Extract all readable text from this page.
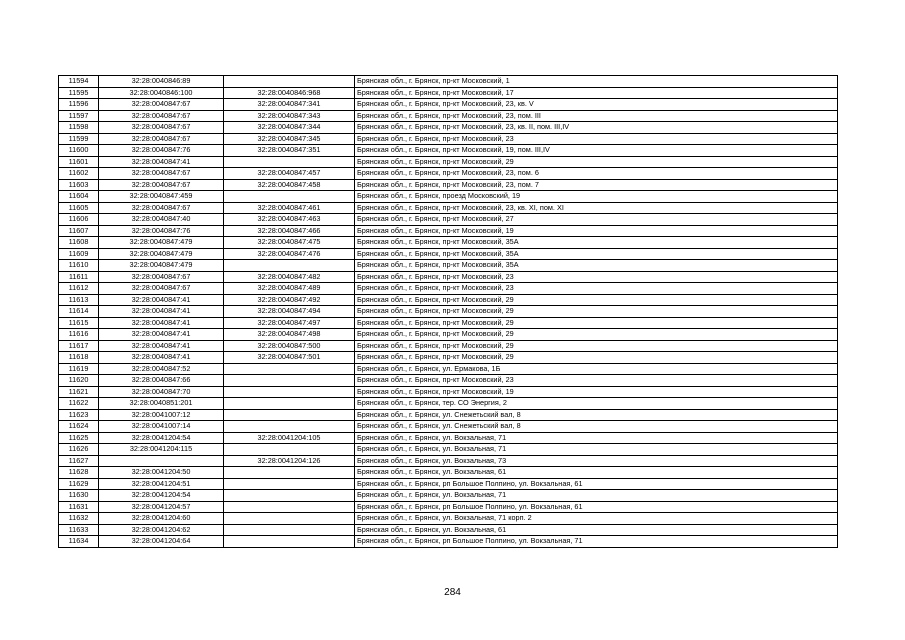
11594	32:28:0040846:89		Брянская обл., г. Брянск, пр-кт Московский, 1
11595	32:28:0040846:100	32:28:0040846:968	Брянская обл., г. Брянск, пр-кт Московский, 17
11596	32:28:0040847:67	32:28:0040847:341	Брянская обл., г. Брянск, пр-кт Московский, 23, кв. V
11597	32:28:0040847:67	32:28:0040847:343	Брянская обл., г. Брянск, пр-кт Московский, 23, пом. III
11598	32:28:0040847:67	32:28:0040847:344	Брянская обл., г. Брянск, пр-кт Московский, 23, кв. II, пом. III,IV
11599	32:28:0040847:67	32:28:0040847:345	Брянская обл., г. Брянск, пр-кт Московский, 23
11600	32:28:0040847:76	32:28:0040847:351	Брянская обл., г. Брянск, пр-кт Московский, 19, пом. III,IV
11601	32:28:0040847:41		Брянская обл., г. Брянск, пр-кт Московский, 29
11602	32:28:0040847:67	32:28:0040847:457	Брянская обл., г. Брянск, пр-кт Московский, 23, пом. 6
11603	32:28:0040847:67	32:28:0040847:458	Брянская обл., г. Брянск, пр-кт Московский, 23, пом. 7
11604	32:28:0040847:459		Брянская обл., г. Брянск, проезд Московский, 19
11605	32:28:0040847:67	32:28:0040847:461	Брянская обл., г. Брянск, пр-кт Московский, 23, кв. XI, пом. XI
11606	32:28:0040847:40	32:28:0040847:463	Брянская обл., г. Брянск, пр-кт Московский, 27
11607	32:28:0040847:76	32:28:0040847:466	Брянская обл., г. Брянск, пр-кт Московский, 19
11608	32:28:0040847:479	32:28:0040847:475	Брянская обл., г. Брянск, пр-кт Московский, 35А
11609	32:28:0040847:479	32:28:0040847:476	Брянская обл., г. Брянск, пр-кт Московский, 35А
11610	32:28:0040847:479		Брянская обл., г. Брянск, пр-кт Московский, 35А
11611	32:28:0040847:67	32:28:0040847:482	Брянская обл., г. Брянск, пр-кт Московский, 23
11612	32:28:0040847:67	32:28:0040847:489	Брянская обл., г. Брянск, пр-кт Московский, 23
11613	32:28:0040847:41	32:28:0040847:492	Брянская обл., г. Брянск, пр-кт Московский, 29
11614	32:28:0040847:41	32:28:0040847:494	Брянская обл., г. Брянск, пр-кт Московский, 29
11615	32:28:0040847:41	32:28:0040847:497	Брянская обл., г. Брянск, пр-кт Московский, 29
11616	32:28:0040847:41	32:28:0040847:498	Брянская обл., г. Брянск, пр-кт Московский, 29
11617	32:28:0040847:41	32:28:0040847:500	Брянская обл., г. Брянск, пр-кт Московский, 29
11618	32:28:0040847:41	32:28:0040847:501	Брянская обл., г. Брянск, пр-кт Московский, 29
11619	32:28:0040847:52		Брянская обл., г. Брянск, ул. Ермакова, 1Б
11620	32:28:0040847:66		Брянская обл., г. Брянск, пр-кт Московский, 23
11621	32:28:0040847:70		Брянская обл., г. Брянск, пр-кт Московский, 19
11622	32:28:0040851:201		Брянская обл., г. Брянск, тер. СО Энергия, 2
11623	32:28:0041007:12		Брянская обл., г. Брянск, ул. Снежетьский вал, 8
11624	32:28:0041007:14		Брянская обл., г. Брянск, ул. Снежетьский вал, 8
11625	32:28:0041204:54	32:28:0041204:105	Брянская обл., г. Брянск, ул. Вокзальная, 71
11626	32:28:0041204:115		Брянская обл., г. Брянск, ул. Вокзальная, 71
11627		32:28:0041204:126	Брянская обл., г. Брянск, ул. Вокзальная, 73
11628	32:28:0041204:50		Брянская обл., г. Брянск, ул. Вокзальная, 61
11629	32:28:0041204:51		Брянская обл., г. Брянск, рп Большое Полпино, ул. Вокзальная, 61
11630	32:28:0041204:54		Брянская обл., г. Брянск, ул. Вокзальная, 71
11631	32:28:0041204:57		Брянская обл., г. Брянск, рп Большое Полпино, ул. Вокзальная, 61
11632	32:28:0041204:60		Брянская обл., г. Брянск, ул. Вокзальная, 71 корп. 2
11633	32:28:0041204:62		Брянская обл., г. Брянск, ул. Вокзальная, 61
11634	32:28:0041204:64		Брянская обл., г. Брянск, рп Большое Полпино, ул. Вокзальная, 71
284
